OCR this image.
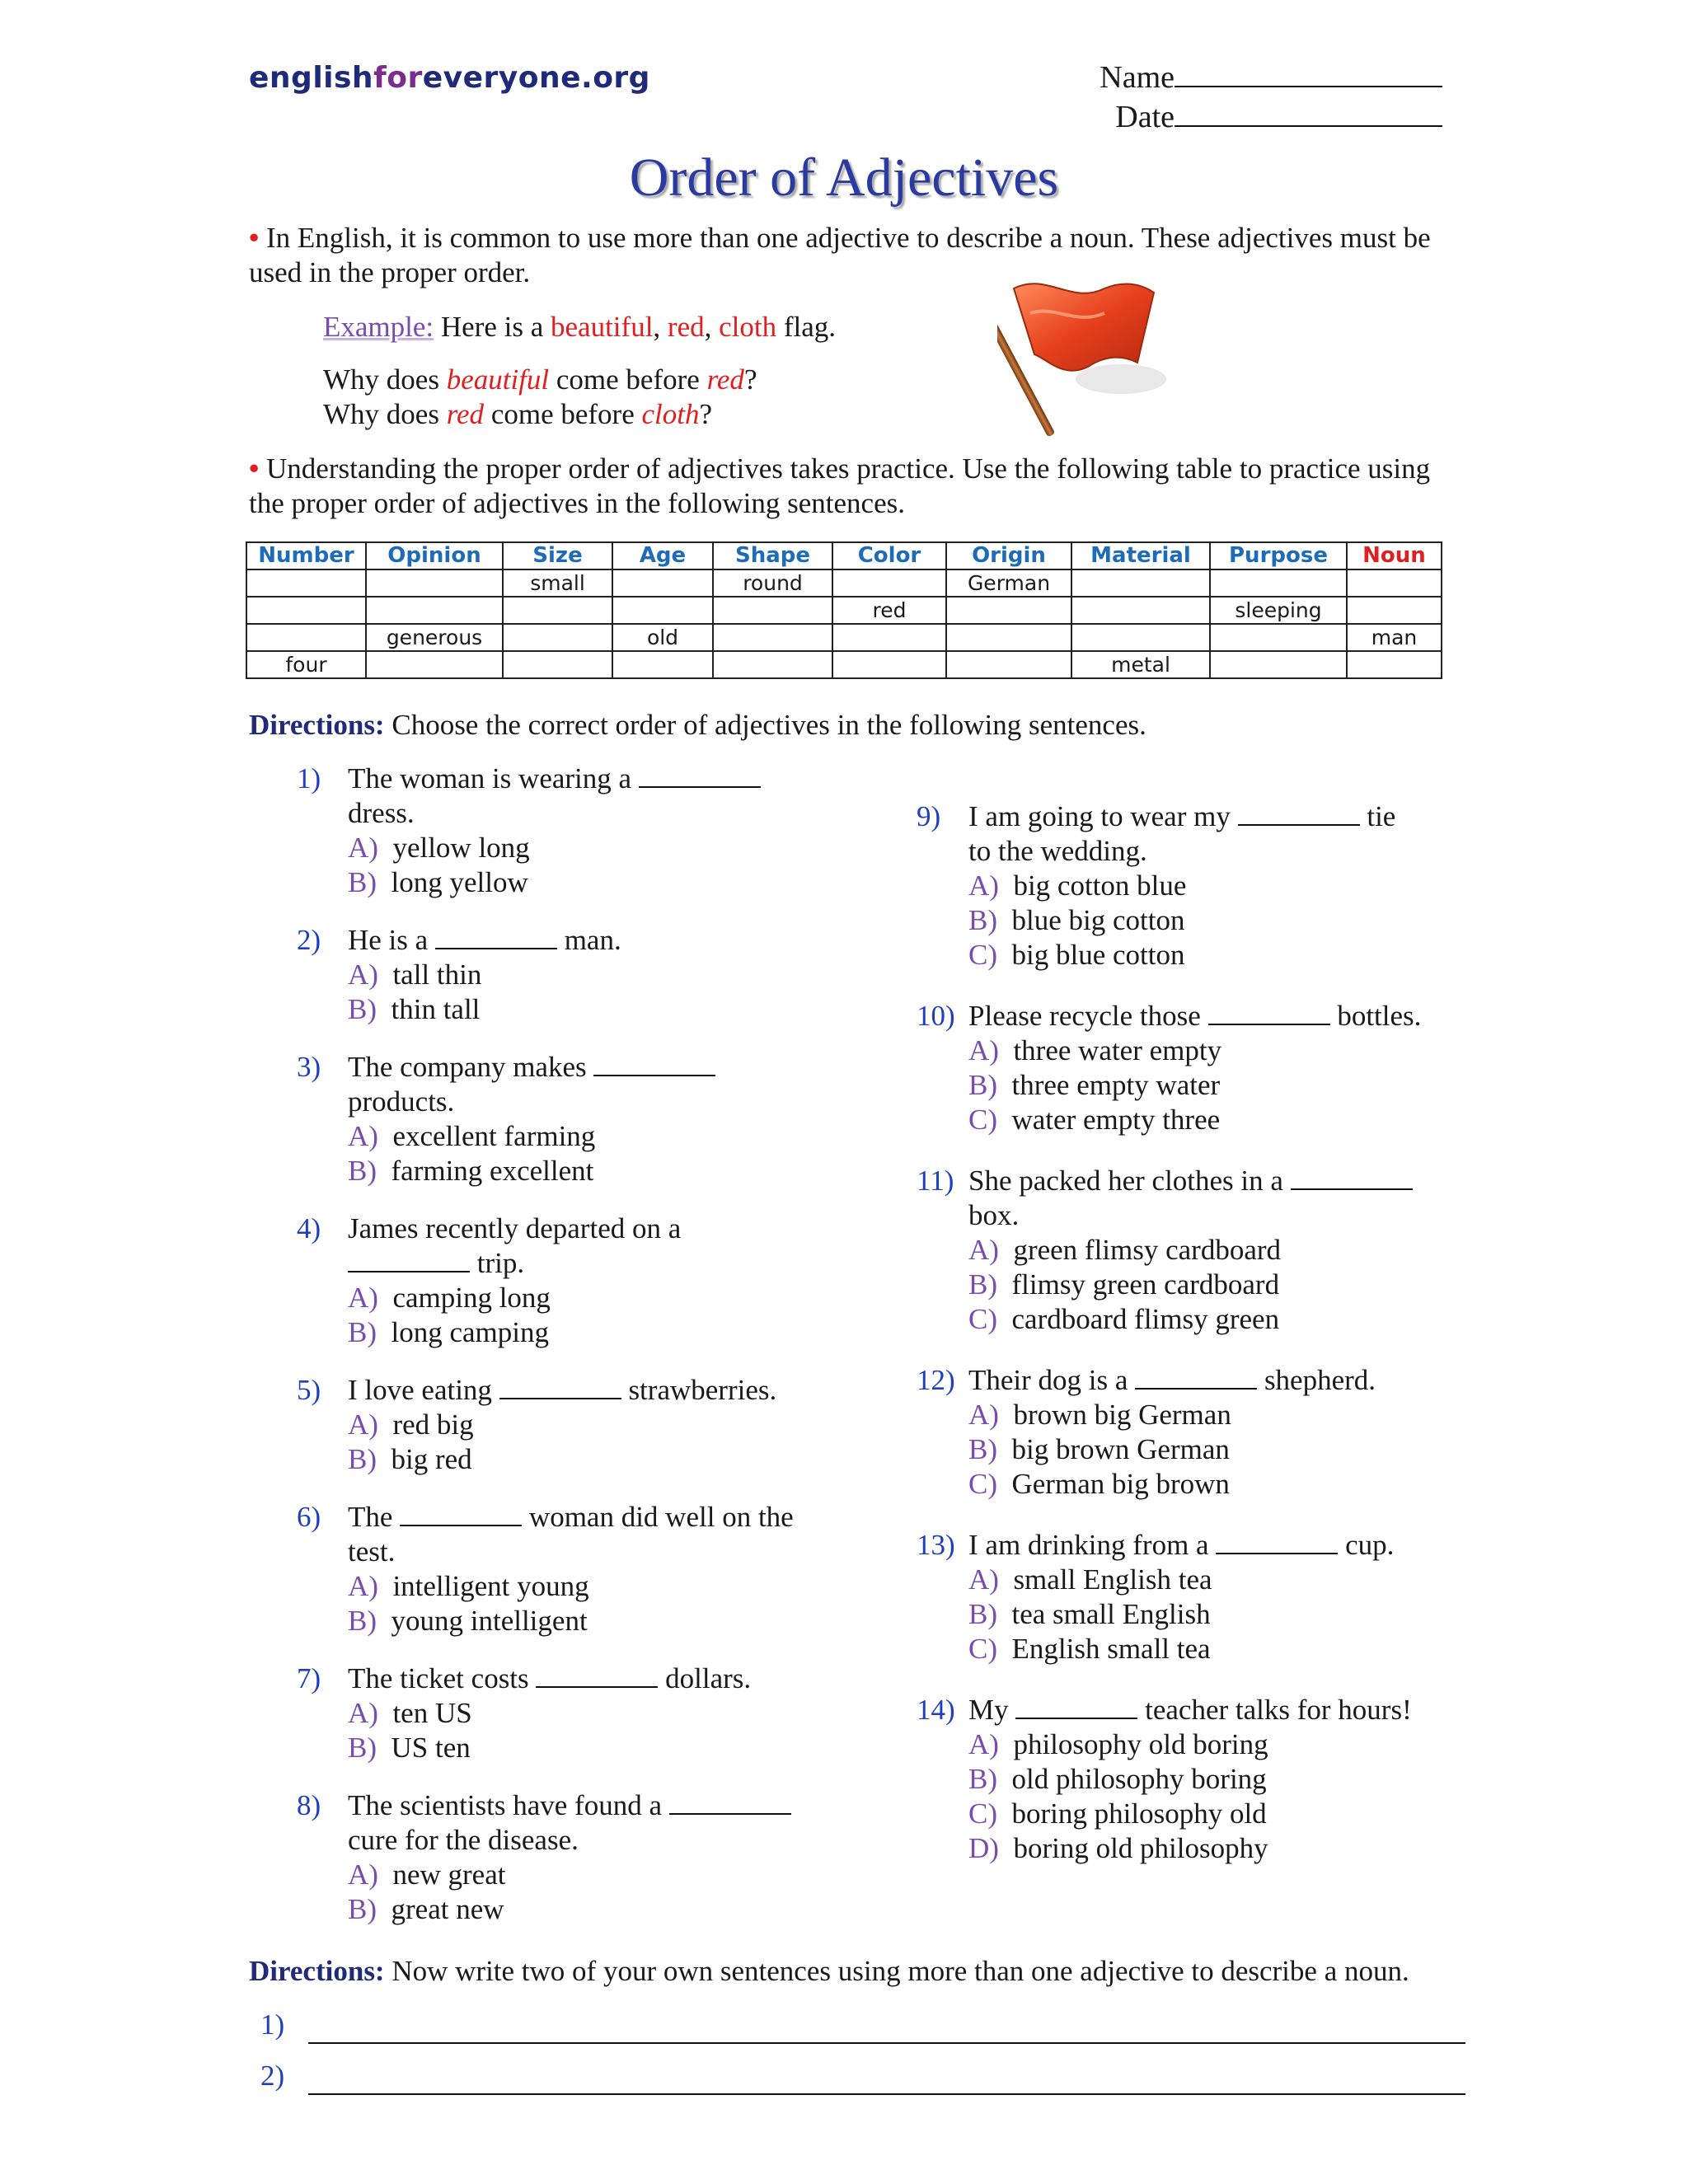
englishforeveryone.org	Name
Date
Order of Adjectives
• In English, it is common to use more than one adjective to describe a noun. These adjectives must be used in the proper order.
Example: Here is a beautiful, red, cloth flag.
Why does beautiful come before red?
Why does red come before cloth?
• Understanding the proper order of adjectives takes practice. Use the following table to practice using the proper order of adjectives in the following sentences.
Number	Opinion	Size	Age	Shape	Color	Origin	Material	Purpose	Noun
		small		round		German			
					red			sleeping	
	generous		old						man
four							metal		
Directions: Choose the correct order of adjectives in the following sentences.
1) The woman is wearing a
dress.
A) yellow long
B) long yellow
2) He is a	man.
A) tall thin
B) thin tall
3) The company makes
products.
A) excellent farming
B) farming excellent
4) James recently departed on a
trip.
A) camping long
B)  long camping
5) I love eating	strawberries.
A) red big
B) big red
6) The	woman did well on the
test.
A) intelligent young
B) young intelligent
7) The ticket costs	dollars.
A) ten US
B) US ten
8) The scientists have found a
cure for the disease.
A) new great
B) great new
9) I am going to wear my	tie
to the wedding.
A) big cotton blue
B) blue big cotton
C) big blue cotton
10) Please recycle those	bottles.
A) three water empty
B) three empty water
C) water empty three
11) She packed her clothes in a
box.
A) green flimsy cardboard
B) flimsy green cardboard
C) cardboard flimsy green
12) Their dog is a	shepherd.
A) brown big German
B) big brown German
C) German big brown
13) I am drinking from a	cup.
A) small English tea
B) tea small English
C) English small tea
14) My	teacher talks for hours!
A) philosophy old boring
B) old philosophy boring
C) boring philosophy old
D) boring old philosophy
Directions: Now write two of your own sentences using more than one adjective to describe a noun.
1)
2)
